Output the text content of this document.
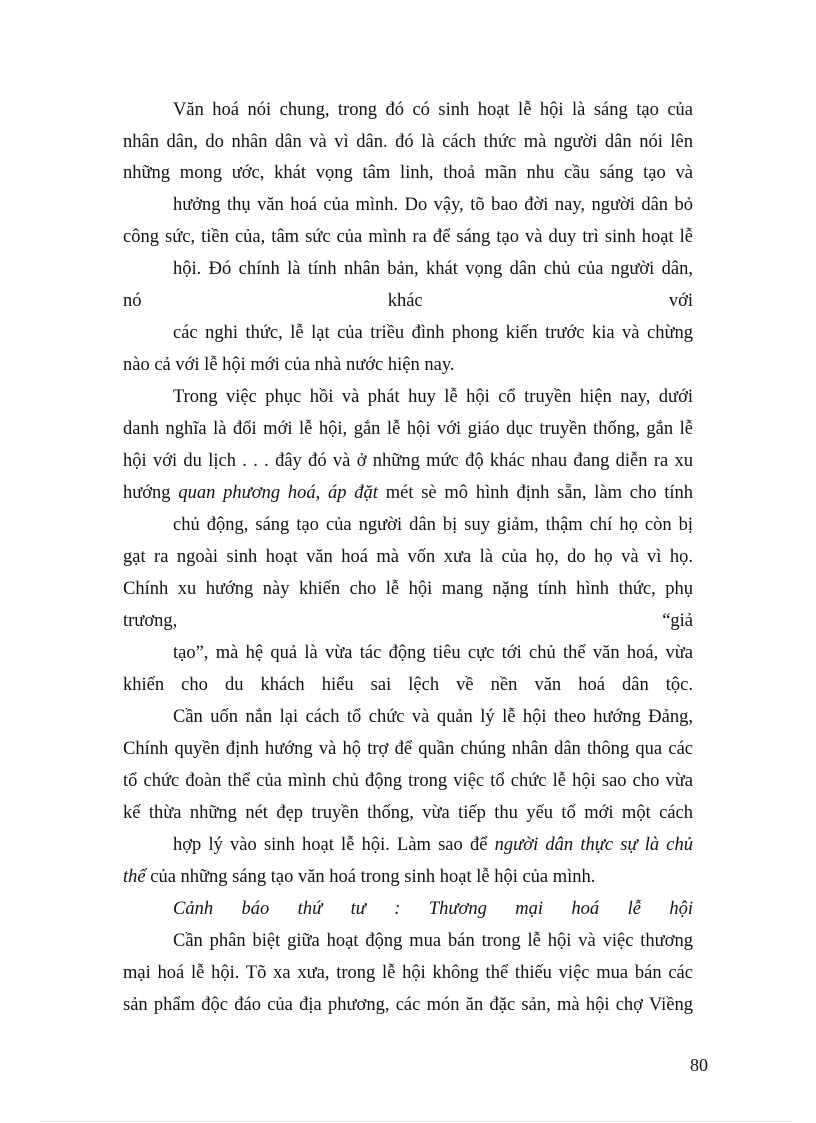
Văn hoá nói chung, trong đó có sinh hoạt lễ hội là sáng tạo của
nhân dân, do nhân dân và vì dân. đó là cách thức mà người dân nói lên
những mong ước, khát vọng tâm linh, thoả mãn nhu cầu sáng tạo và
hưởng thụ văn hoá của mình. Do vậy, tõ bao đời nay, người dân bỏ
công sức, tiền của, tâm sức của mình ra để sáng tạo và duy trì sinh hoạt lễ
hội. Đó chính là tính nhân bản, khát vọng dân chủ của người dân,
nó	khác	với
các nghi thức, lễ lạt của triều đình phong kiến trước kia và chừng
nào cả với lễ hội mới của nhà nước hiện nay.
Trong việc phục hồi và phát huy lễ hội cổ truyền hiện nay, dưới
danh nghĩa là đổi mới lễ hội, gắn lễ hội với giáo dục truyền thống, gắn lễ
hội với du lịch . . . đây đó và ở những mức độ khác nhau đang diễn ra xu
hướng quan phương hoá, áp đặt mét sè mô hình định sẵn, làm cho tính
chủ động, sáng tạo của người dân bị suy giảm, thậm chí họ còn bị
gạt ra ngoài sinh hoạt văn hoá mà vốn xưa là của họ, do họ và vì họ.
Chính xu hướng này khiến cho lễ hội mang nặng tính hình thức, phụ
trương,	“giả
tạo”, mà hệ quả là vừa tác động tiêu cực tới chủ thể văn hoá, vừa
khiến cho du khách hiểu sai lệch về nền văn hoá dân tộc.
Cần uốn nắn lại cách tổ chức và quản lý lễ hội theo hướng Đảng,
Chính quyền định hướng và hộ trợ để quần chúng nhân dân thông qua các
tổ chức đoàn thể của mình chủ động trong việc tổ chức lễ hội sao cho vừa
kế thừa những nét đẹp truyền thống, vừa tiếp thu yếu tố mới một cách
hợp lý vào sinh hoạt lễ hội. Làm sao để người dân thực sự là chủ
thể của những sáng tạo văn hoá trong sinh hoạt lễ hội của mình.
Cảnh báo thứ tư : Thương mại hoá lễ hội
Cần phân biệt giữa hoạt động mua bán trong lễ hội và việc thương
mại hoá lễ hội. Tõ xa xưa, trong lễ hội không thể thiếu việc mua bán các
sản phẩm độc đáo của địa phương, các món ăn đặc sản, mà hội chợ Viềng
80
